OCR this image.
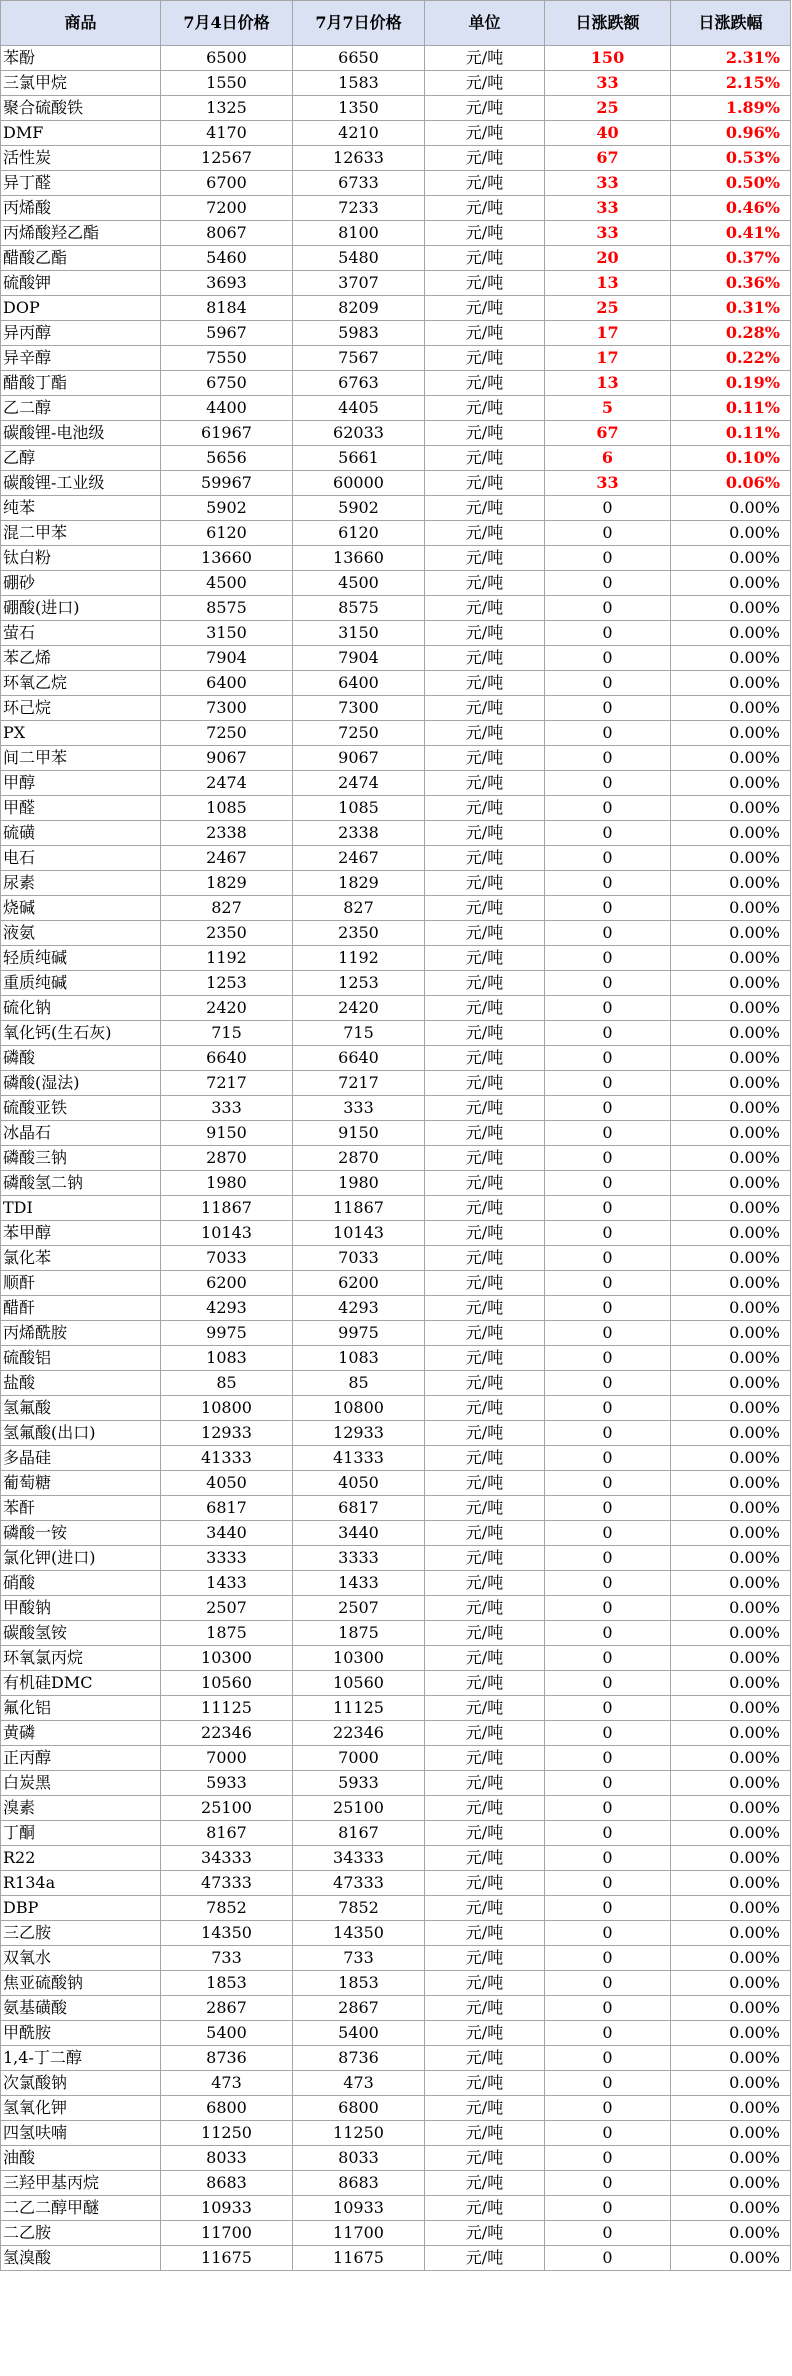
商品	7月4日价格	7月7日价格	单位	日涨跌额	日涨跌幅
苯酚	6500	6650	元/吨	150	2.31%
三氯甲烷	1550	1583	元/吨	33	2.15%
聚合硫酸铁	1325	1350	元/吨	25	1.89%
DMF	4170	4210	元/吨	40	0.96%
活性炭	12567	12633	元/吨	67	0.53%
异丁醛	6700	6733	元/吨	33	0.50%
丙烯酸	7200	7233	元/吨	33	0.46%
丙烯酸羟乙酯	8067	8100	元/吨	33	0.41%
醋酸乙酯	5460	5480	元/吨	20	0.37%
硫酸钾	3693	3707	元/吨	13	0.36%
DOP	8184	8209	元/吨	25	0.31%
异丙醇	5967	5983	元/吨	17	0.28%
异辛醇	7550	7567	元/吨	17	0.22%
醋酸丁酯	6750	6763	元/吨	13	0.19%
乙二醇	4400	4405	元/吨	5	0.11%
碳酸锂-电池级	61967	62033	元/吨	67	0.11%
乙醇	5656	5661	元/吨	6	0.10%
碳酸锂-工业级	59967	60000	元/吨	33	0.06%
纯苯	5902	5902	元/吨	0	0.00%
混二甲苯	6120	6120	元/吨	0	0.00%
钛白粉	13660	13660	元/吨	0	0.00%
硼砂	4500	4500	元/吨	0	0.00%
硼酸(进口)	8575	8575	元/吨	0	0.00%
萤石	3150	3150	元/吨	0	0.00%
苯乙烯	7904	7904	元/吨	0	0.00%
环氧乙烷	6400	6400	元/吨	0	0.00%
环己烷	7300	7300	元/吨	0	0.00%
PX	7250	7250	元/吨	0	0.00%
间二甲苯	9067	9067	元/吨	0	0.00%
甲醇	2474	2474	元/吨	0	0.00%
甲醛	1085	1085	元/吨	0	0.00%
硫磺	2338	2338	元/吨	0	0.00%
电石	2467	2467	元/吨	0	0.00%
尿素	1829	1829	元/吨	0	0.00%
烧碱	827	827	元/吨	0	0.00%
液氨	2350	2350	元/吨	0	0.00%
轻质纯碱	1192	1192	元/吨	0	0.00%
重质纯碱	1253	1253	元/吨	0	0.00%
硫化钠	2420	2420	元/吨	0	0.00%
氧化钙(生石灰)	715	715	元/吨	0	0.00%
磷酸	6640	6640	元/吨	0	0.00%
磷酸(湿法)	7217	7217	元/吨	0	0.00%
硫酸亚铁	333	333	元/吨	0	0.00%
冰晶石	9150	9150	元/吨	0	0.00%
磷酸三钠	2870	2870	元/吨	0	0.00%
磷酸氢二钠	1980	1980	元/吨	0	0.00%
TDI	11867	11867	元/吨	0	0.00%
苯甲醇	10143	10143	元/吨	0	0.00%
氯化苯	7033	7033	元/吨	0	0.00%
顺酐	6200	6200	元/吨	0	0.00%
醋酐	4293	4293	元/吨	0	0.00%
丙烯酰胺	9975	9975	元/吨	0	0.00%
硫酸铝	1083	1083	元/吨	0	0.00%
盐酸	85	85	元/吨	0	0.00%
氢氟酸	10800	10800	元/吨	0	0.00%
氢氟酸(出口)	12933	12933	元/吨	0	0.00%
多晶硅	41333	41333	元/吨	0	0.00%
葡萄糖	4050	4050	元/吨	0	0.00%
苯酐	6817	6817	元/吨	0	0.00%
磷酸一铵	3440	3440	元/吨	0	0.00%
氯化钾(进口)	3333	3333	元/吨	0	0.00%
硝酸	1433	1433	元/吨	0	0.00%
甲酸钠	2507	2507	元/吨	0	0.00%
碳酸氢铵	1875	1875	元/吨	0	0.00%
环氧氯丙烷	10300	10300	元/吨	0	0.00%
有机硅DMC	10560	10560	元/吨	0	0.00%
氟化铝	11125	11125	元/吨	0	0.00%
黄磷	22346	22346	元/吨	0	0.00%
正丙醇	7000	7000	元/吨	0	0.00%
白炭黑	5933	5933	元/吨	0	0.00%
溴素	25100	25100	元/吨	0	0.00%
丁酮	8167	8167	元/吨	0	0.00%
R22	34333	34333	元/吨	0	0.00%
R134a	47333	47333	元/吨	0	0.00%
DBP	7852	7852	元/吨	0	0.00%
三乙胺	14350	14350	元/吨	0	0.00%
双氧水	733	733	元/吨	0	0.00%
焦亚硫酸钠	1853	1853	元/吨	0	0.00%
氨基磺酸	2867	2867	元/吨	0	0.00%
甲酰胺	5400	5400	元/吨	0	0.00%
1,4-丁二醇	8736	8736	元/吨	0	0.00%
次氯酸钠	473	473	元/吨	0	0.00%
氢氧化钾	6800	6800	元/吨	0	0.00%
四氢呋喃	11250	11250	元/吨	0	0.00%
油酸	8033	8033	元/吨	0	0.00%
三羟甲基丙烷	8683	8683	元/吨	0	0.00%
二乙二醇甲醚	10933	10933	元/吨	0	0.00%
二乙胺	11700	11700	元/吨	0	0.00%
氢溴酸	11675	11675	元/吨	0	0.00%
